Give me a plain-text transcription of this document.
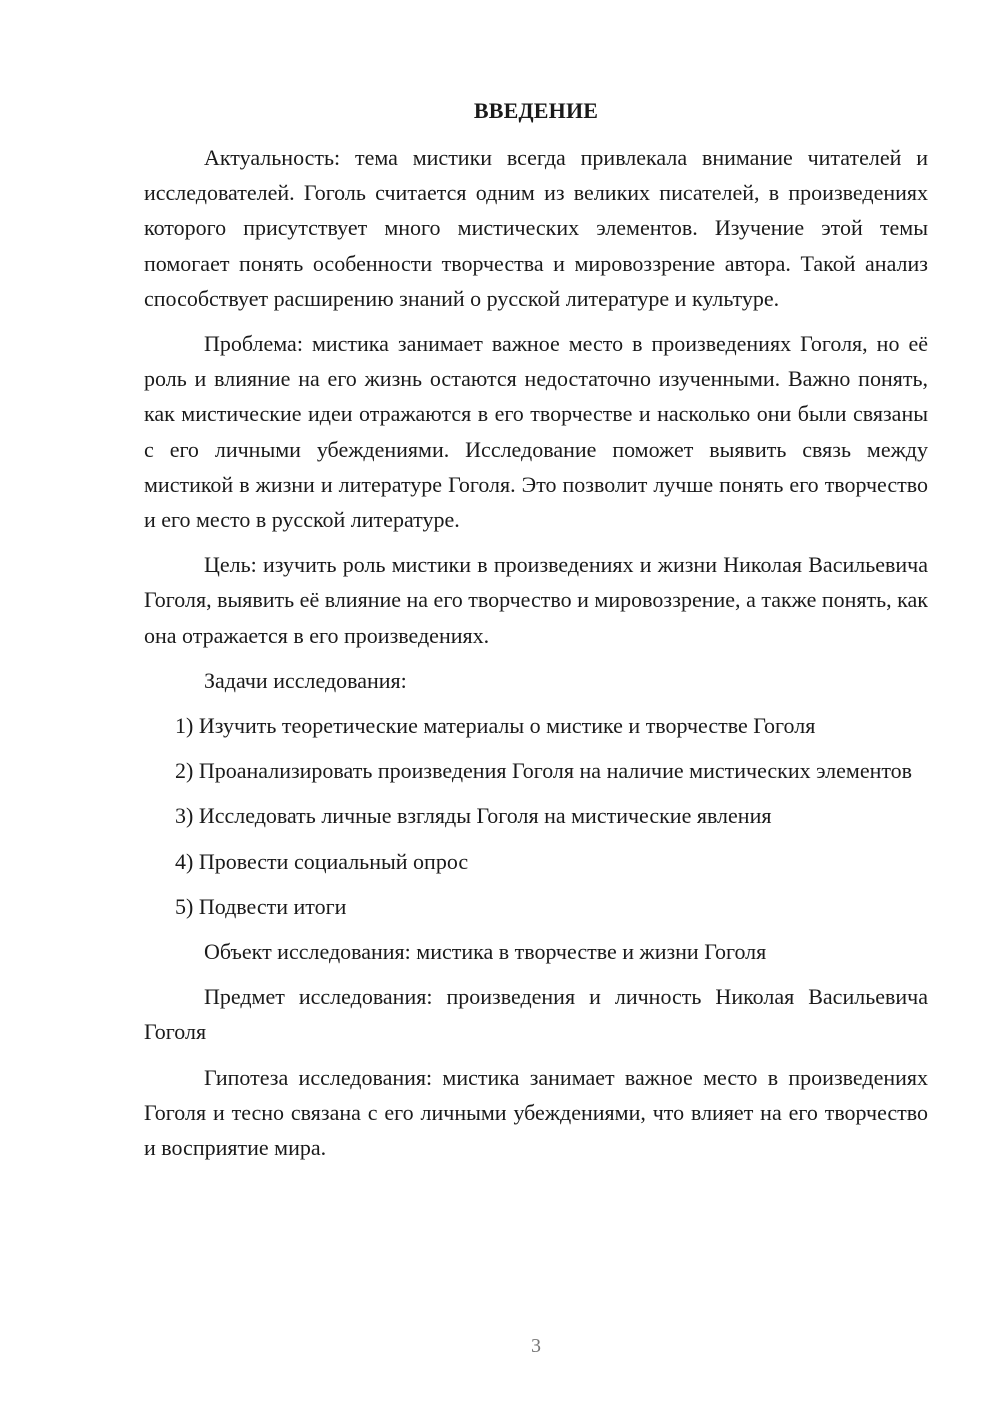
ВВЕДЕНИЕ

Актуальность: тема мистики всегда привлекала внимание читателей и исследователей. Гоголь считается одним из великих писателей, в произведениях которого присутствует много мистических элементов. Изучение этой темы помогает понять особенности творчества и мировоззрение автора. Такой анализ способствует расширению знаний о русской литературе и культуре.

Проблема: мистика занимает важное место в произведениях Гоголя, но её роль и влияние на его жизнь остаются недостаточно изученными. Важно понять, как мистические идеи отражаются в его творчестве и насколько они были связаны с его личными убеждениями. Исследование поможет выявить связь между мистикой в жизни и литературе Гоголя. Это позволит лучше понять его творчество и его место в русской литературе.

Цель: изучить роль мистики в произведениях и жизни Николая Васильевича Гоголя, выявить её влияние на его творчество и мировоззрение, а также понять, как она отражается в его произведениях.

Задачи исследования:

1) Изучить теоретические материалы о мистике и творчестве Гоголя

2) Проанализировать произведения Гоголя на наличие мистических элементов

3) Исследовать личные взгляды Гоголя на мистические явления

4) Провести социальный опрос

5) Подвести итоги

Объект исследования: мистика в творчестве и жизни Гоголя

Предмет исследования: произведения и личность Николая Васильевича Гоголя

Гипотеза исследования: мистика занимает важное место в произведениях Гоголя и тесно связана с его личными убеждениями, что влияет на его творчество и восприятие мира.

3
